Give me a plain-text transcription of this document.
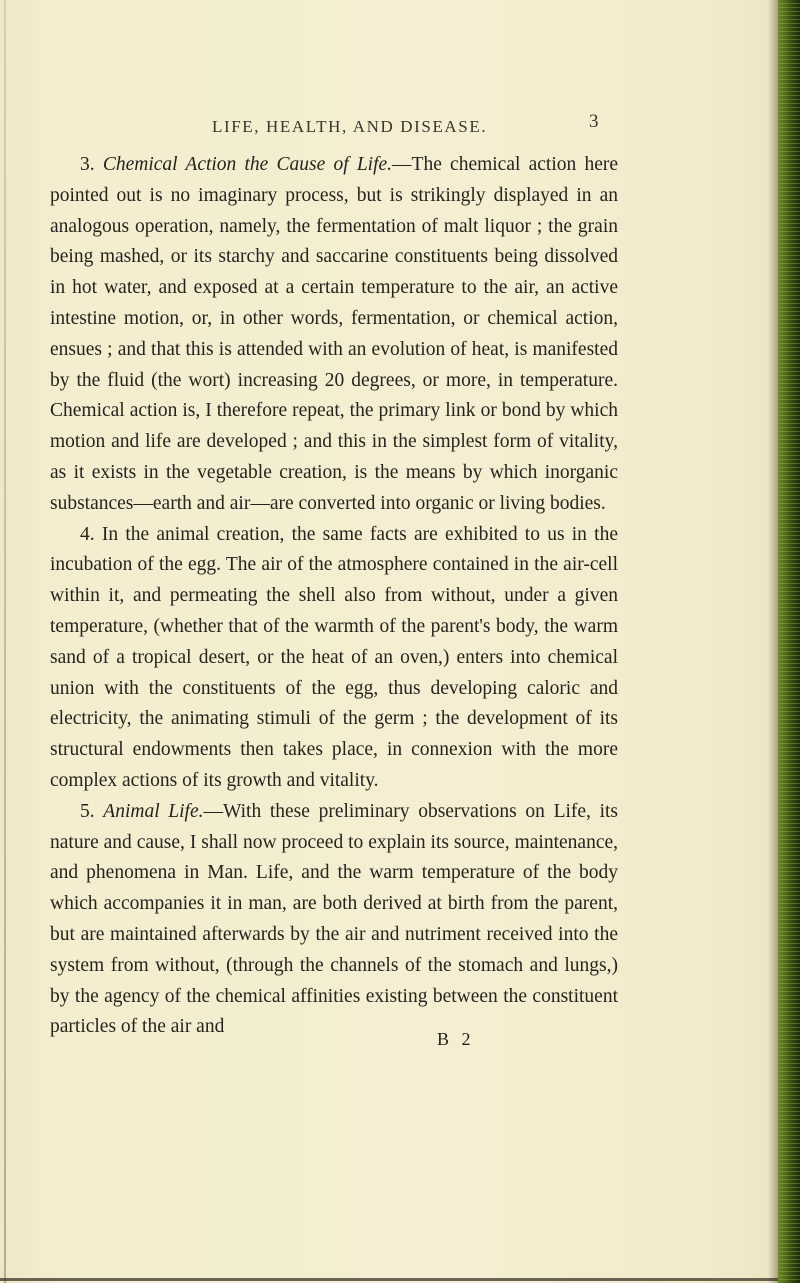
LIFE, HEALTH, AND DISEASE.	3

3. Chemical Action the Cause of Life.—The chemical action here pointed out is no imaginary process, but is strikingly displayed in an analogous operation, namely, the fermentation of malt liquor ; the grain being mashed, or its starchy and saccarine constituents being dissolved in hot water, and exposed at a certain temperature to the air, an active intestine motion, or, in other words, fermentation, or chemical action, ensues ; and that this is attended with an evolution of heat, is manifested by the fluid (the wort) increasing 20 degrees, or more, in temperature. Chemical action is, I therefore repeat, the primary link or bond by which motion and life are developed ; and this in the simplest form of vitality, as it exists in the vegetable creation, is the means by which inorganic substances—earth and air—are converted into organic or living bodies.

4. In the animal creation, the same facts are exhibited to us in the incubation of the egg. The air of the atmosphere contained in the air-cell within it, and permeating the shell also from without, under a given temperature, (whether that of the warmth of the parent's body, the warm sand of a tropical desert, or the heat of an oven,) enters into chemical union with the constituents of the egg, thus developing caloric and electricity, the animating stimuli of the germ ; the development of its structural endowments then takes place, in connexion with the more complex actions of its growth and vitality.

5. Animal Life.—With these preliminary observations on Life, its nature and cause, I shall now proceed to explain its source, maintenance, and phenomena in Man. Life, and the warm temperature of the body which accompanies it in man, are both derived at birth from the parent, but are maintained afterwards by the air and nutriment received into the system from without, (through the channels of the stomach and lungs,) by the agency of the chemical affinities existing between the constituent particles of the air and

B 2
